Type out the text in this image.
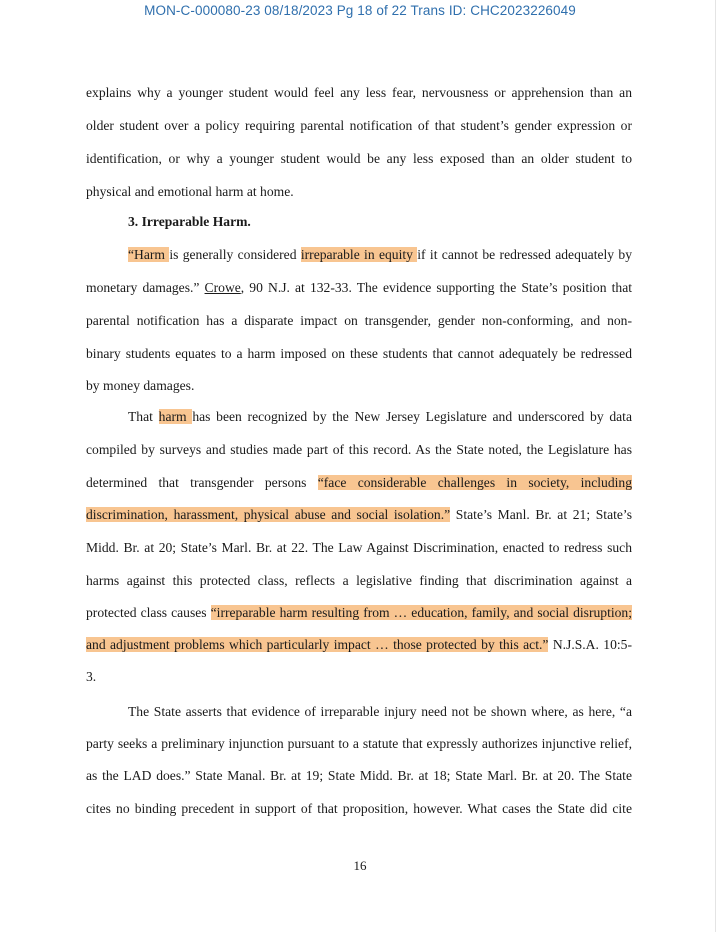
MON-C-000080-23 08/18/2023 Pg 18 of 22 Trans ID: CHC2023226049
explains why a younger student would feel any less fear, nervousness or apprehension than an
older student over a policy requiring parental notification of that student’s gender expression or
identification, or why a younger student would be any less exposed than an older student to
physical and emotional harm at home.
3. Irreparable Harm.
“Harm is generally considered irreparable in equity if it cannot be redressed adequately by
monetary damages.” Crowe, 90 N.J. at 132-33. The evidence supporting the State’s position that
parental notification has a disparate impact on transgender, gender non-conforming, and non-
binary students equates to a harm imposed on these students that cannot adequately be redressed
by money damages.
That harm has been recognized by the New Jersey Legislature and underscored by data
compiled by surveys and studies made part of this record. As the State noted, the Legislature has
determined that transgender persons “face considerable challenges in society, including
discrimination, harassment, physical abuse and social isolation.” State’s Manl. Br. at 21; State’s
Midd. Br. at 20; State’s Marl. Br. at 22. The Law Against Discrimination, enacted to redress such
harms against this protected class, reflects a legislative finding that discrimination against a
protected class causes “irreparable harm resulting from … education, family, and social disruption;
and adjustment problems which particularly impact … those protected by this act.” N.J.S.A. 10:5-
3.
The State asserts that evidence of irreparable injury need not be shown where, as here, “a
party seeks a preliminary injunction pursuant to a statute that expressly authorizes injunctive relief,
as the LAD does.” State Manal. Br. at 19; State Midd. Br. at 18; State Marl. Br. at 20. The State
cites no binding precedent in support of that proposition, however. What cases the State did cite
16
